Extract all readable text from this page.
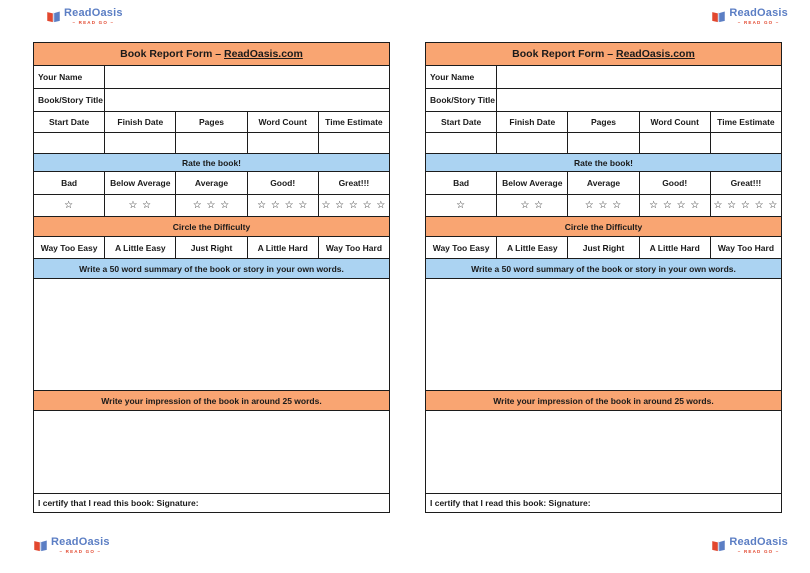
ReadOasis
– READ GO –
ReadOasis
– READ GO –
ReadOasis
– READ GO –
ReadOasis
– READ GO –
Book Report Form – ReadOasis.com
Your Name
Book/Story Title
Start Date	Finish Date	Pages	Word Count	Time Estimate
Rate the book!
Bad	Below Average	Average	Good!	Great!!!
☆	☆ ☆	☆ ☆ ☆	☆ ☆ ☆ ☆	☆ ☆ ☆ ☆ ☆
Circle the Difficulty
Way Too Easy	A Little Easy	Just Right	A Little Hard	Way Too Hard
Write a 50 word summary of the book or story in your own words.
Write your impression of the book in around 25 words.
I certify that I read this book: Signature:
Book Report Form – ReadOasis.com
Your Name
Book/Story Title
Start Date	Finish Date	Pages	Word Count	Time Estimate
Rate the book!
Bad	Below Average	Average	Good!	Great!!!
☆	☆ ☆	☆ ☆ ☆	☆ ☆ ☆ ☆	☆ ☆ ☆ ☆ ☆
Circle the Difficulty
Way Too Easy	A Little Easy	Just Right	A Little Hard	Way Too Hard
Write a 50 word summary of the book or story in your own words.
Write your impression of the book in around 25 words.
I certify that I read this book: Signature:
